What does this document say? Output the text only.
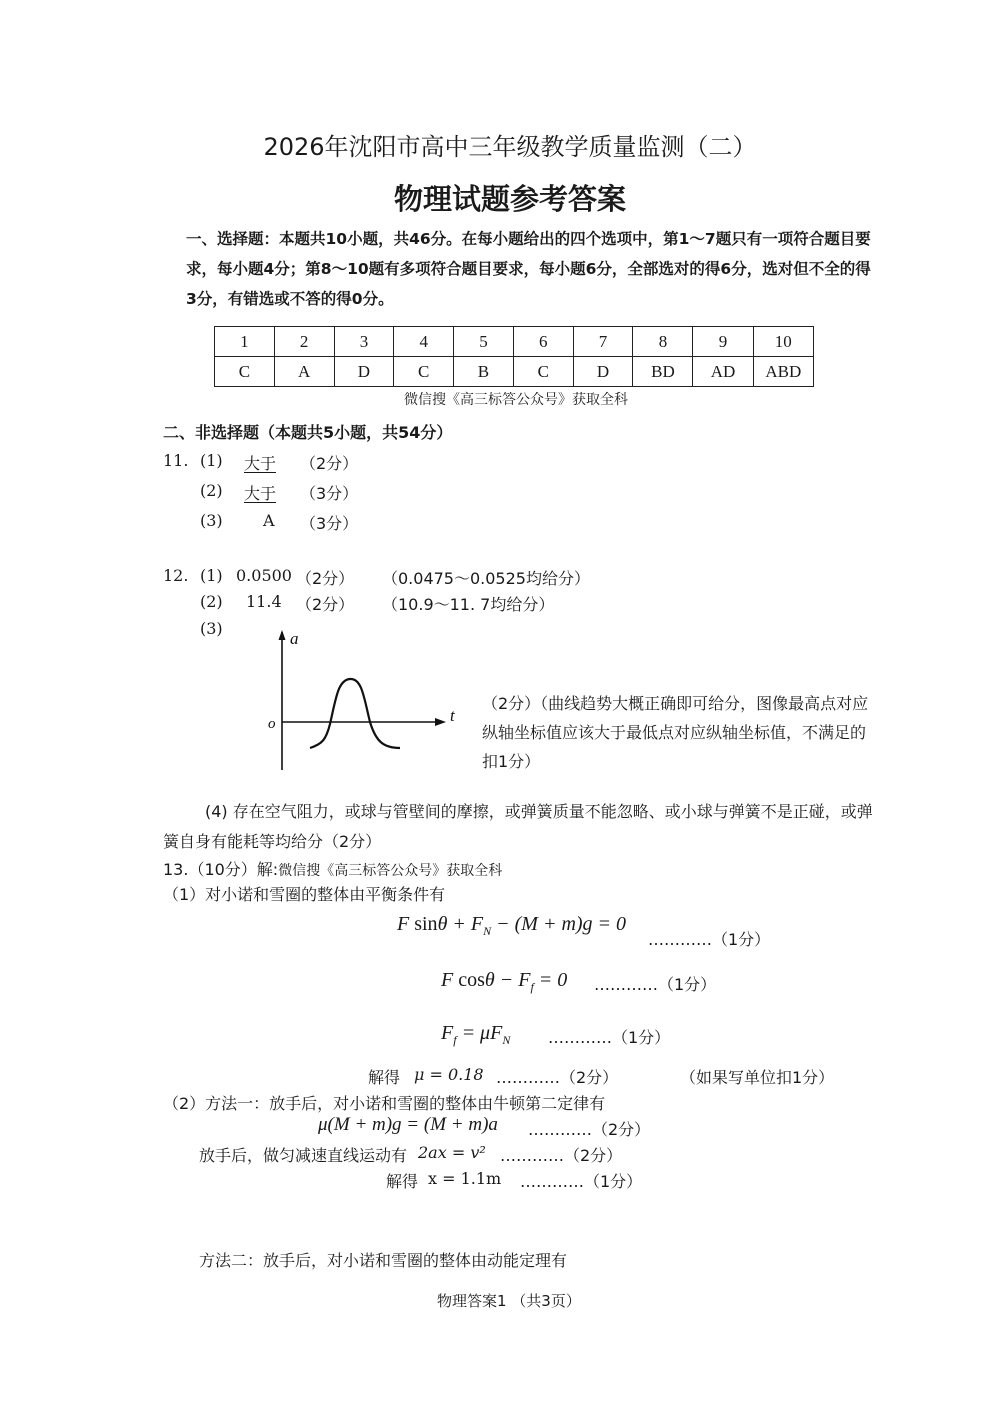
2026年沈阳市高中三年级教学质量监测（二）
物理试题参考答案
一、选择题：本题共10小题，共46分。在每小题给出的四个选项中，第1～7题只有一项符合题目要求，每小题4分；第8～10题有多项符合题目要求，每小题6分，全部选对的得6分，选对但不全的得3分，有错选或不答的得0分。
1	2	3	4	5	6	7	8	9	10
C	A	D	C	B	C	D	BD	AD	ABD
微信搜《高三标答公众号》获取全科
二、非选择题（本题共5小题，共54分）
11. (1)	大于	（2分）
(2)	大于	（3分）
(3)	A （3分）
12. (1) 0.0500 （2分） （0.0475～0.0525均给分）
(2) 11.4 （2分） （10.9～11. 7均给分）
(3)
a
t
o
（2分）（曲线趋势大概正确即可给分，图像最高点对应纵轴坐标值应该大于最低点对应纵轴坐标值，不满足的扣1分）
(4) 存在空气阻力，或球与管壁间的摩擦，或弹簧质量不能忽略、或小球与弹簧不是正碰，或弹簧自身有能耗等均给分（2分）
13.（10分）解:微信搜《高三标答公众号》获取全科
（1）对小诺和雪圈的整体由平衡条件有
F $\sin\theta + F_N - (M + m)g = 0$
…………（1分）
F $\cos\theta - F_f = 0$ …………（1分）
$F_f = \mu F_N$ …………（1分）
解得 μ = 0.18 …………（2分）	（如果写单位扣1分）
（2）方法一：放手后，对小诺和雪圈的整体由牛顿第二定律有
μ(M + m)g = (M + m)a …………（2分）
放手后，做匀减速直线运动有 2ax = v² …………（2分）
解得 x = 1.1m …………（1分）
方法二：放手后，对小诺和雪圈的整体由动能定理有
物理答案1 （共3页）
